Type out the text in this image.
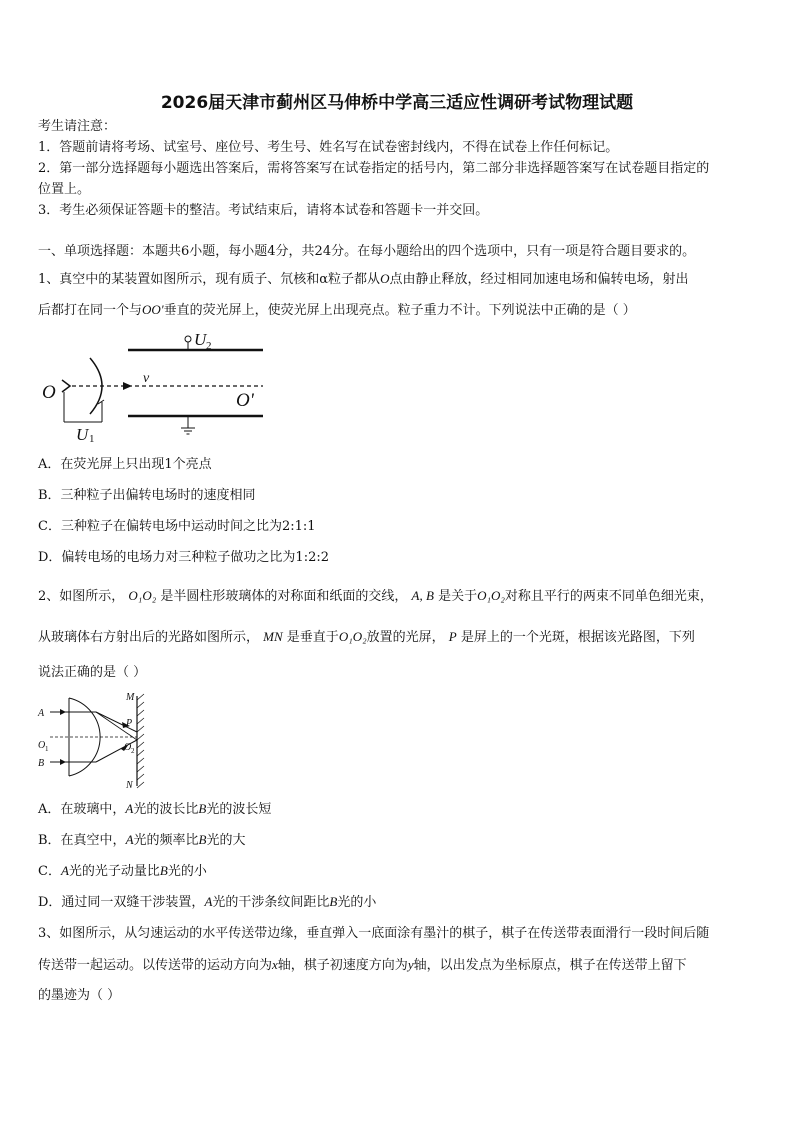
2026届天津市蓟州区马伸桥中学高三适应性调研考试物理试题
考生请注意：
1．答题前请将考场、试室号、座位号、考生号、姓名写在试卷密封线内，不得在试卷上作任何标记。
2．第一部分选择题每小题选出答案后，需将答案写在试卷指定的括号内，第二部分非选择题答案写在试卷题目指定的
位置上。
3．考生必须保证答题卡的整洁。考试结束后，请将本试卷和答题卡一并交回。
一、单项选择题：本题共6小题，每小题4分，共24分。在每小题给出的四个选项中，只有一项是符合题目要求的。
1、真空中的某装置如图所示，现有质子、氘核和α粒子都从O点由静止释放，经过相同加速电场和偏转电场，射出
后都打在同一个与OO'垂直的荧光屏上，使荧光屏上出现亮点。粒子重力不计。下列说法中正确的是（ ）
U 2
O
v
O'
U 1
A．在荧光屏上只出现1个亮点
B．三种粒子出偏转电场时的速度相同
C．三种粒子在偏转电场中运动时间之比为2:1:1
D．偏转电场的电场力对三种粒子做功之比为1:2:2
2、如图所示， O₁O₂ 是半圆柱形玻璃体的对称面和纸面的交线， A, B 是关于O₁O₂对称且平行的两束不同单色细光束，
从玻璃体右方射出后的光路如图所示， MN 是垂直于O₁O₂放置的光屏， P 是屏上的一个光斑，根据该光路图，下列
说法正确的是（ ）
A
B
O 1
M
P
O 2
N
A．在玻璃中，A光的波长比B光的波长短
B．在真空中，A光的频率比B光的大
C．A光的光子动量比B光的小
D．通过同一双缝干涉装置，A光的干涉条纹间距比B光的小
3、如图所示，从匀速运动的水平传送带边缘，垂直弹入一底面涂有墨汁的棋子，棋子在传送带表面滑行一段时间后随
传送带一起运动。以传送带的运动方向为x轴，棋子初速度方向为y轴，以出发点为坐标原点，棋子在传送带上留下
的墨迹为（ ）
